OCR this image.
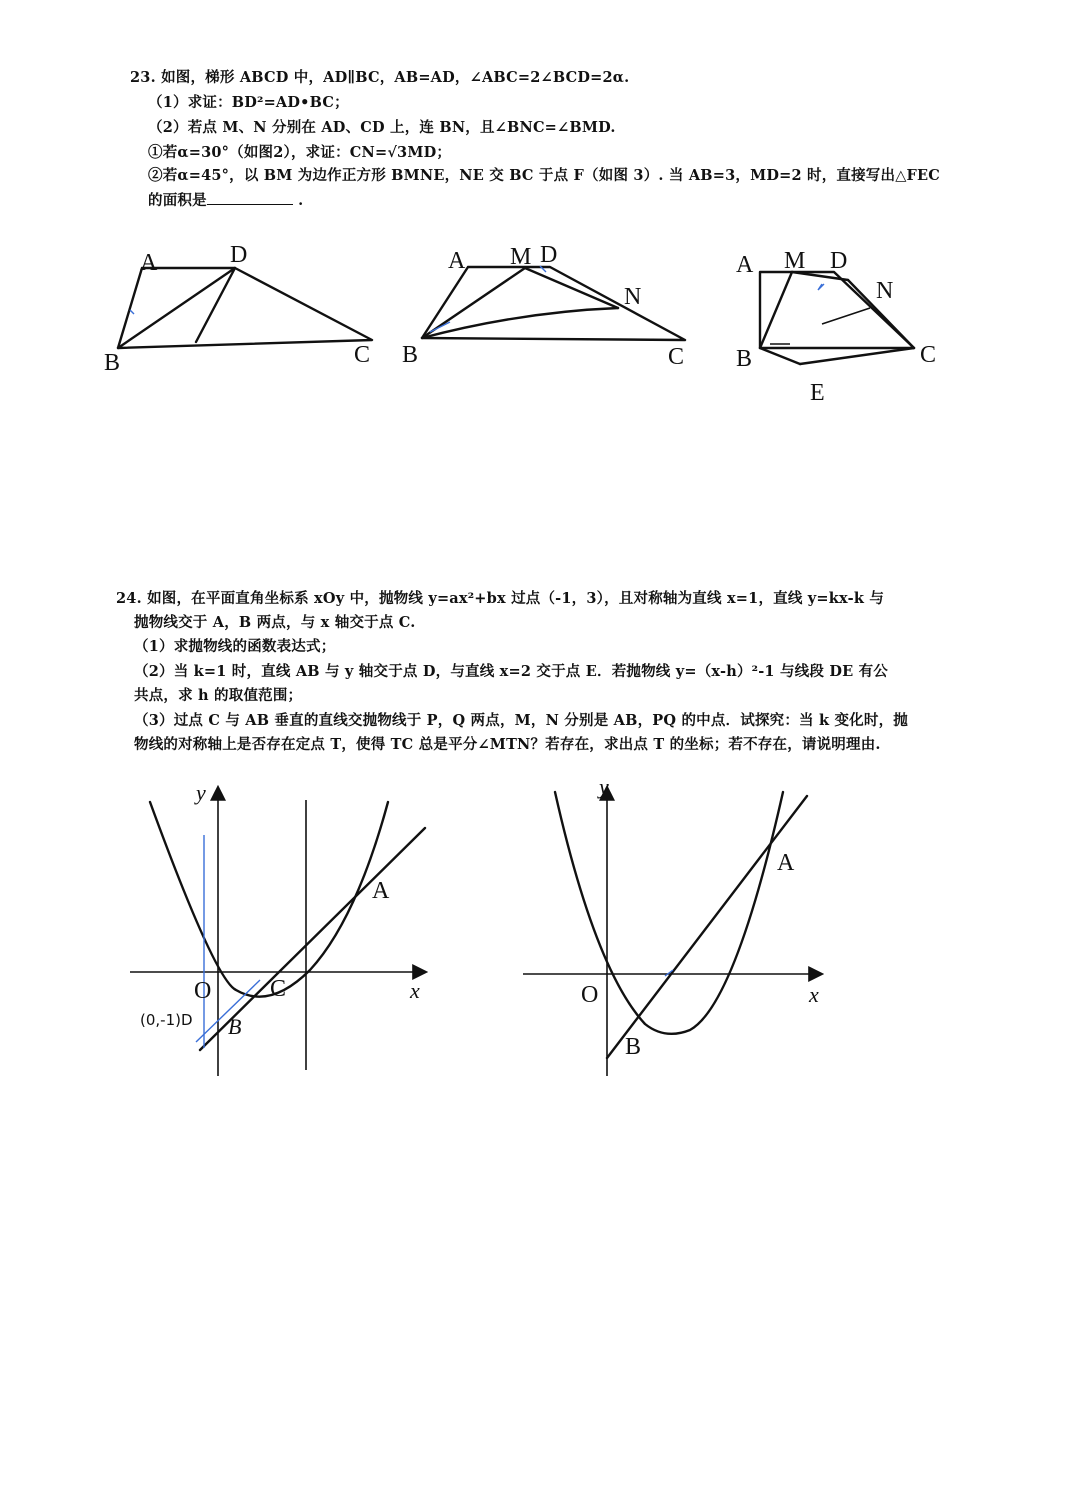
23. 如图，梯形 ABCD 中，AD∥BC，AB=AD，∠ABC=2∠BCD=2α.
（1）求证：BD²=AD•BC；
（2）若点 M、N 分别在 AD、CD 上，连 BN，且∠BNC=∠BMD.
①若α=30°（如图2），求证：CN=√3MD；
②若α=45°，以 BM 为边作正方形 BMNE，NE 交 BC 于点 F（如图 3）. 当 AB=3，MD=2 时，直接写出△FEC
的面积是	.
A	D
B	C
A M D
N
B	C
A M D
N
B	C
E
24. 如图，在平面直角坐标系 xOy 中，抛物线 y=ax²+bx 过点（-1，3），且对称轴为直线 x=1，直线 y=kx-k 与
抛物线交于 A，B 两点，与 x 轴交于点 C.
（1）求抛物线的函数表达式；
（2）当 k=1 时，直线 AB 与 y 轴交于点 D，与直线 x=2 交于点 E．若抛物线 y=（x-h）²-1 与线段 DE 有公
共点，求 h 的取值范围；
（3）过点 C 与 AB 垂直的直线交抛物线于 P，Q 两点，M，N 分别是 AB，PQ 的中点．试探究：当 k 变化时，抛
物线的对称轴上是否存在定点 T，使得 TC 总是平分∠MTN？若存在，求出点 T 的坐标；若不存在，请说明理由.
y
x
O
A
C
B
(0,-1)D
y
x
O
A
B
